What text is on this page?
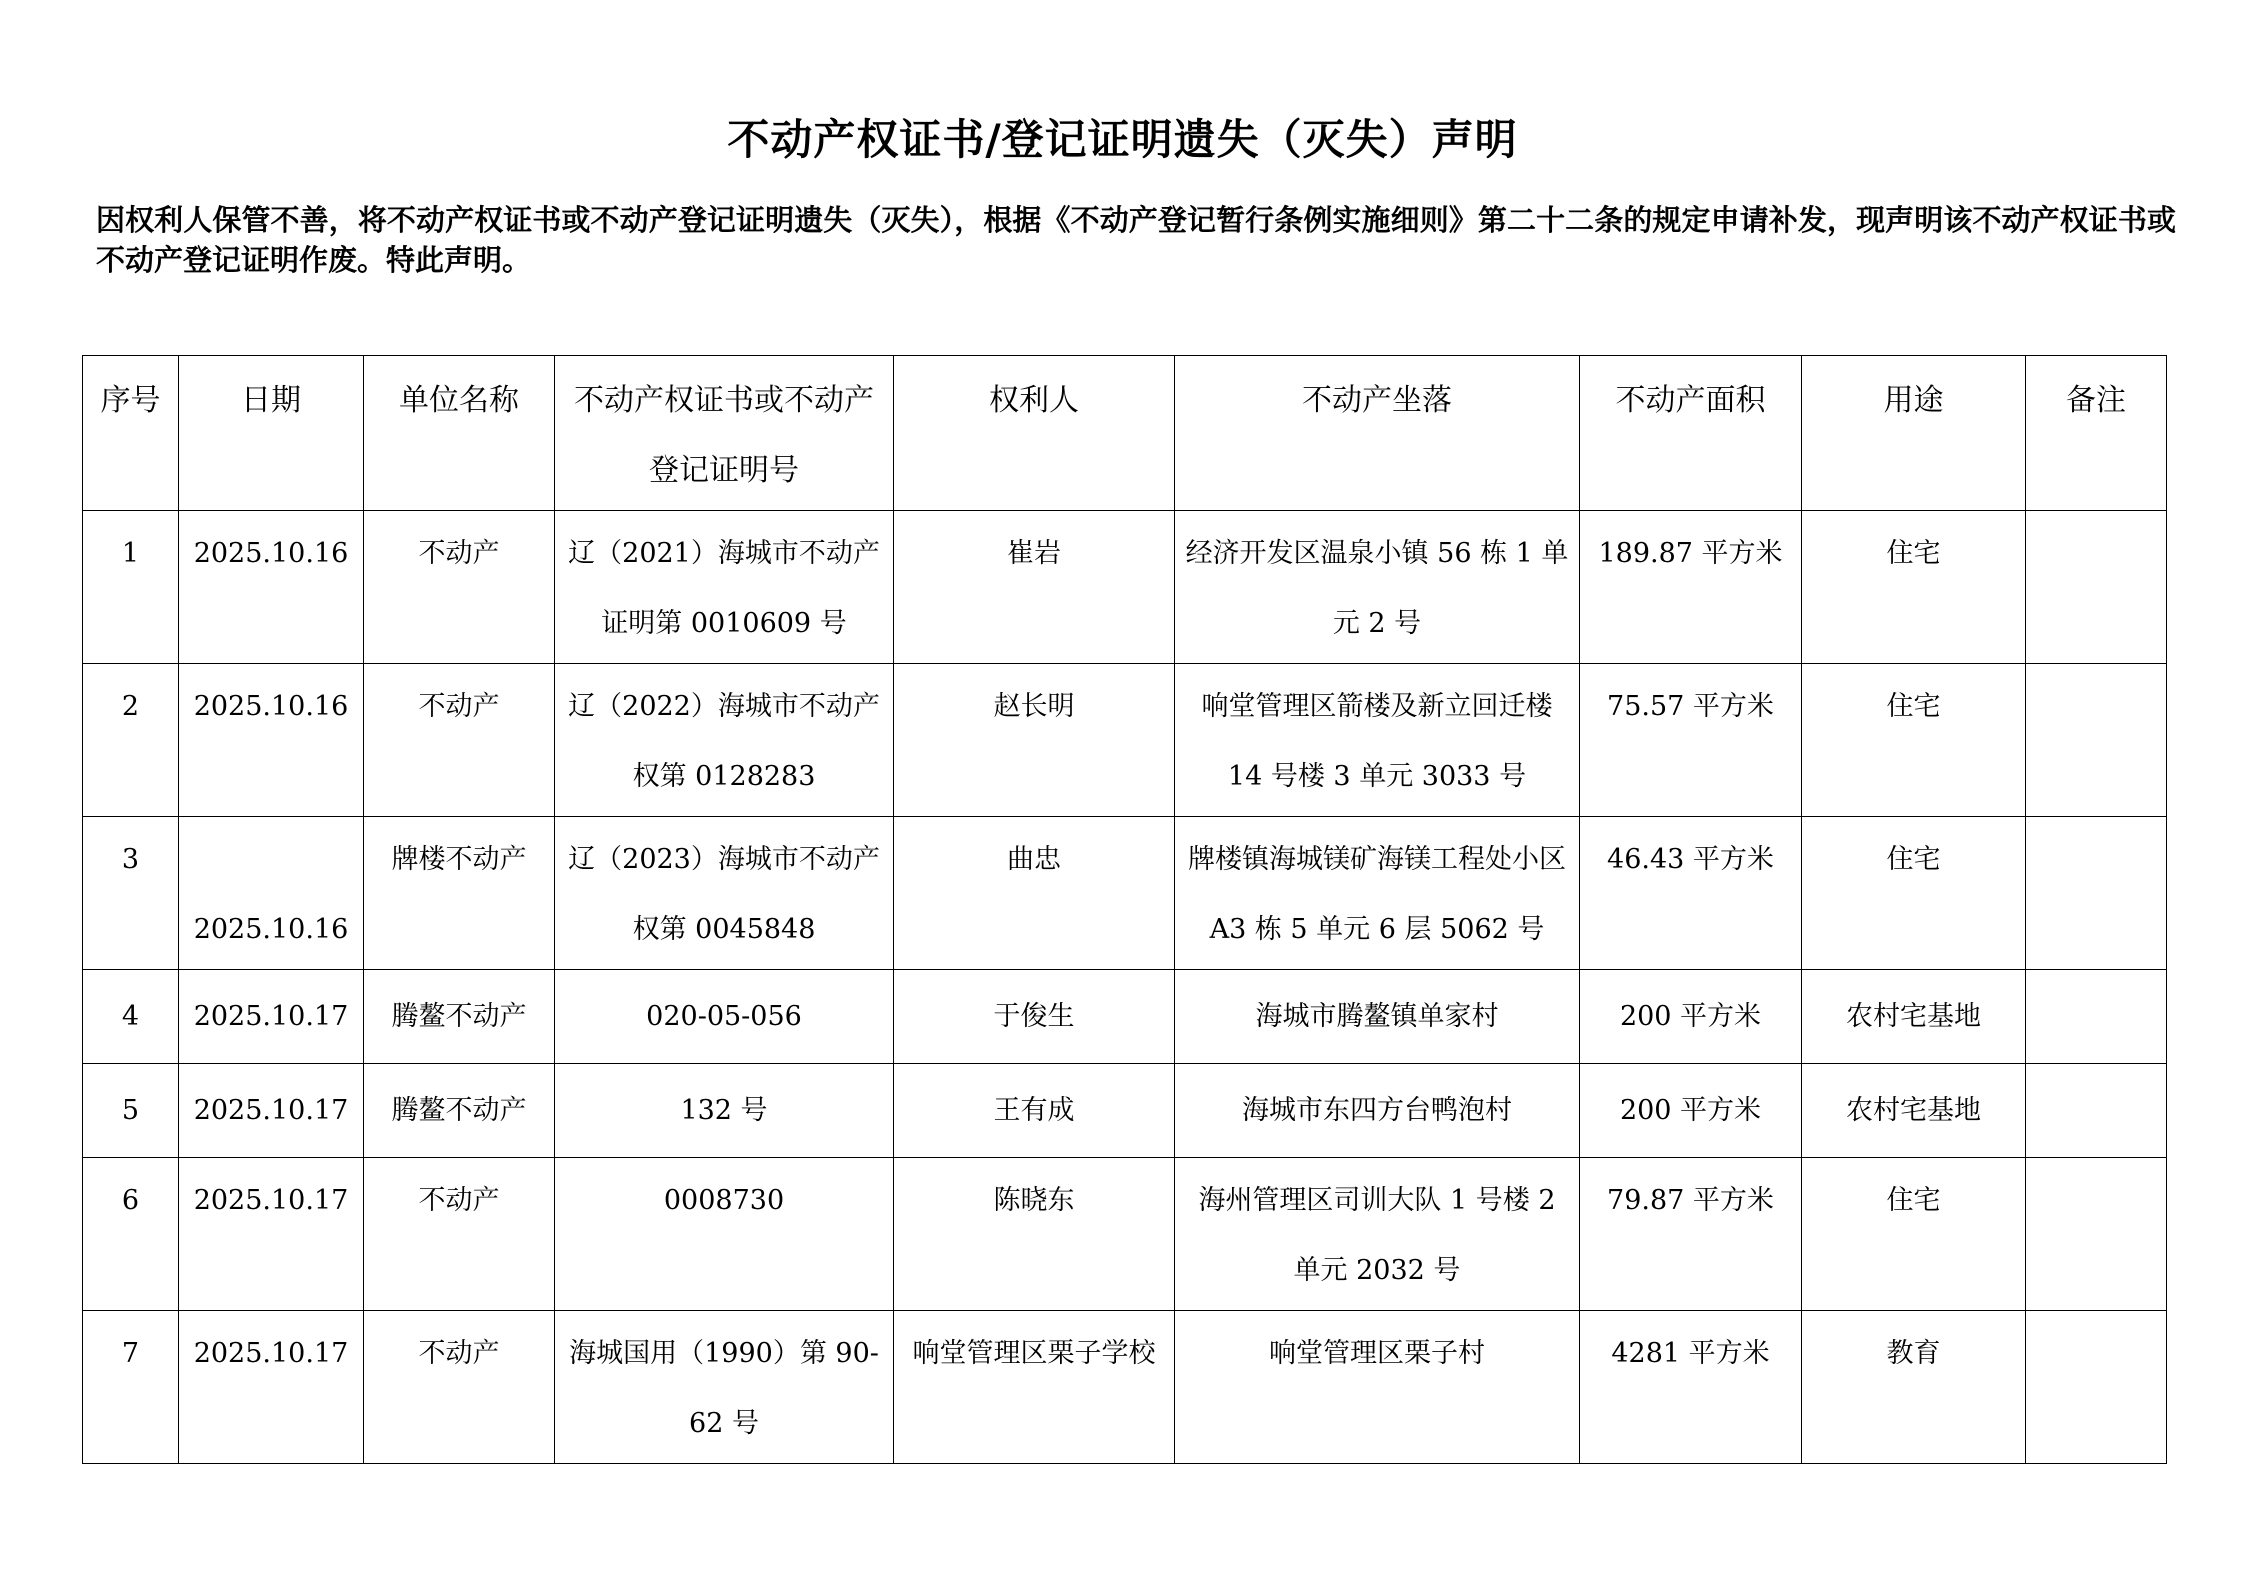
不动产权证书/登记证明遗失（灭失）声明
因权利人保管不善，将不动产权证书或不动产登记证明遗失（灭失），根据《不动产登记暂行条例实施细则》第二十二条的规定申请补发，现声明该不动产权证书或不动产登记证明作废。特此声明。
序号	日期	单位名称	不动产权证书或不动产登记证明号	权利人	不动产坐落	不动产面积	用途	备注
1	2025.10.16	不动产	辽（2021）海城市不动产证明第 0010609 号	崔岩	经济开发区温泉小镇 56 栋 1 单元 2 号	189.87 平方米	住宅	
2	2025.10.16	不动产	辽（2022）海城市不动产权第 0128283	赵长明	响堂管理区箭楼及新立回迁楼 14 号楼 3 单元 3033 号	75.57 平方米	住宅	
3	2025.10.16	牌楼不动产	辽（2023）海城市不动产权第 0045848	曲忠	牌楼镇海城镁矿海镁工程处小区 A3 栋 5 单元 6 层 5062 号	46.43 平方米	住宅	
4	2025.10.17	腾鳌不动产	020-05-056	于俊生	海城市腾鳌镇单家村	200 平方米	农村宅基地	
5	2025.10.17	腾鳌不动产	132 号	王有成	海城市东四方台鸭泡村	200 平方米	农村宅基地	
6	2025.10.17	不动产	0008730	陈晓东	海州管理区司训大队 1 号楼 2 单元 2032 号	79.87 平方米	住宅	
7	2025.10.17	不动产	海城国用（1990）第 90-62 号	响堂管理区栗子学校	响堂管理区栗子村	4281 平方米	教育	
